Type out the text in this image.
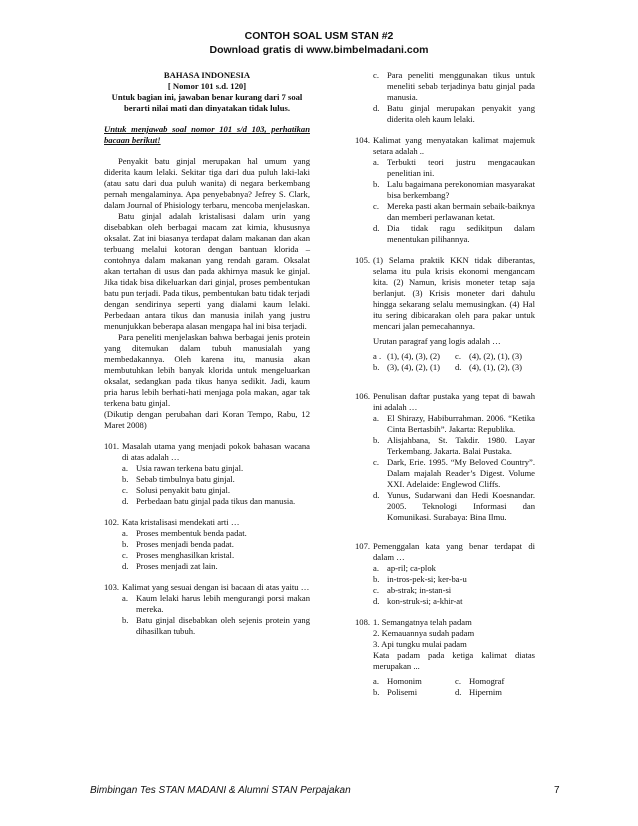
CONTOH SOAL USM STAN #2
Download gratis di www.bimbelmadani.com
BAHASA INDONESIA
[ Nomor 101 s.d. 120]
Untuk bagian ini, jawaban benar kurang dari 7 soal berarti nilai mati dan dinyatakan tidak lulus.
Untuk menjawab soal nomor 101 s/d 103, perhatikan bacaan berikut!

Penyakit batu ginjal merupakan hal umum yang diderita kaum lelaki. Sekitar tiga dari dua puluh laki-laki (atau satu dari dua puluh wanita) di negara berkembang pernah mengalaminya. Apa penyebabnya? Jefrey S. Clark, dalam Journal of Phisiology terbaru, mencoba menjelaskan.

Batu ginjal adalah kristalisasi dalam urin yang disebabkan oleh berbagai macam zat kimia, khususnya oksalat. Zat ini biasanya terdapat dalam makanan dan akan terbuang melalui kotoran dengan bantuan klorida –contohnya dalam makanan yang rendah garam. Oksalat akan tertahan di usus dan pada akhirnya masuk ke ginjal. Jika tidak bisa dikeluarkan dari ginjal, proses pembentukan batu pun terjadi. Pada tikus, pembentukan batu tidak terjadi dengan sendirinya seperti yang dialami kaum lelaki. Perbedaan antara tikus dan manusia inilah yang justru menunjukkan beberapa alasan mengapa hal ini bisa terjadi.

Para peneliti menjelaskan bahwa berbagai jenis protein yang ditemukan dalam tubuh manusialah yang membedakannya. Oleh karena itu, manusia akan membutuhkan lebih banyak klorida untuk mengeluarkan oksalat, sedangkan pada tikus hanya sedikit. Jadi, kaum pria harus lebih berhati-hati menjaga pola makan, agar tak terkena batu ginjal.

(Dikutip dengan perubahan dari Koran Tempo, Rabu, 12 Maret 2008)

101. Masalah utama yang menjadi pokok bahasan wacana di atas adalah …
a. Usia rawan terkena batu ginjal.
b. Sebab timbulnya batu ginjal.
c. Solusi penyakit batu ginjal.
d. Perbedaan batu ginjal pada tikus dan manusia.
102. Kata kristalisasi mendekati arti …
a. Proses membentuk benda padat.
b. Proses menjadi benda padat.
c. Proses menghasilkan kristal.
d. Proses menjadi zat lain.
103. Kalimat yang sesuai dengan isi bacaan di atas yaitu …
a. Kaum lelaki harus lebih mengurangi porsi makan mereka.
b. Batu ginjal disebabkan oleh sejenis protein yang dihasilkan tubuh.
c. Para peneliti menggunakan tikus untuk meneliti sebab terjadinya batu ginjal pada manusia.
d. Batu ginjal merupakan penyakit yang diderita oleh kaum lelaki.
104. Kalimat yang menyatakan kalimat majemuk setara adalah ..
a. Terbukti teori justru mengacaukan penelitian ini.
b. Lalu bagaimana perekonomian masyarakat bisa berkembang?
c. Mereka pasti akan bermain sebaik-baiknya dan memberi perlawanan ketat.
d. Dia tidak ragu sedikitpun dalam menentukan pilihannya.
105. (1) Selama praktik KKN tidak diberantas, selama itu pula krisis ekonomi mengancam kita. (2) Namun, krisis moneter tetap saja berlanjut. (3) Krisis moneter dari dahulu hingga sekarang selalu memusingkan. (4) Hal itu sering dibicarakan oleh para pakar untuk mencari jalan pemecahannya.
Urutan paragraf yang logis adalah …
a . (1), (4), (3), (2) c. (4), (2), (1), (3)
b. (3), (4), (2), (1) d. (4), (1), (2), (3)
106. Penulisan daftar pustaka yang tepat di bawah ini adalah …
a. El Shirazy, Habiburrahman. 2006. “Ketika Cinta Bertasbih”. Jakarta: Republika.
b. Alisjahbana, St. Takdir. 1980. Layar Terkembang. Jakarta. Balai Pustaka.
c. Dark, Erie. 1995. “My Beloved Country”. Dalam majalah Reader’s Digest. Volume XXI. Adelaide: Englewod Cliffs.
d. Yunus, Sudarwani dan Hedi Koesnandar. 2005. Teknologi Informasi dan Komunikasi. Surabaya: Bina Ilmu.
107. Pemenggalan kata yang benar terdapat di dalam …
a. ap-ril; ca-plok
b. in-tros-pek-si; ker-ba-u
c. ab-strak; in-stan-si
d. kon-struk-si; a-khir-at
108. 1. Semangatnya telah padam
2. Kemauannya sudah padam
3. Api tungku mulai padam
Kata padam pada ketiga kalimat diatas merupakan ...
a. Homonim	c. Homograf
b. Polisemi	d. Hipernim
Bimbingan Tes STAN MADANI & Alumni STAN Perpajakan	7
